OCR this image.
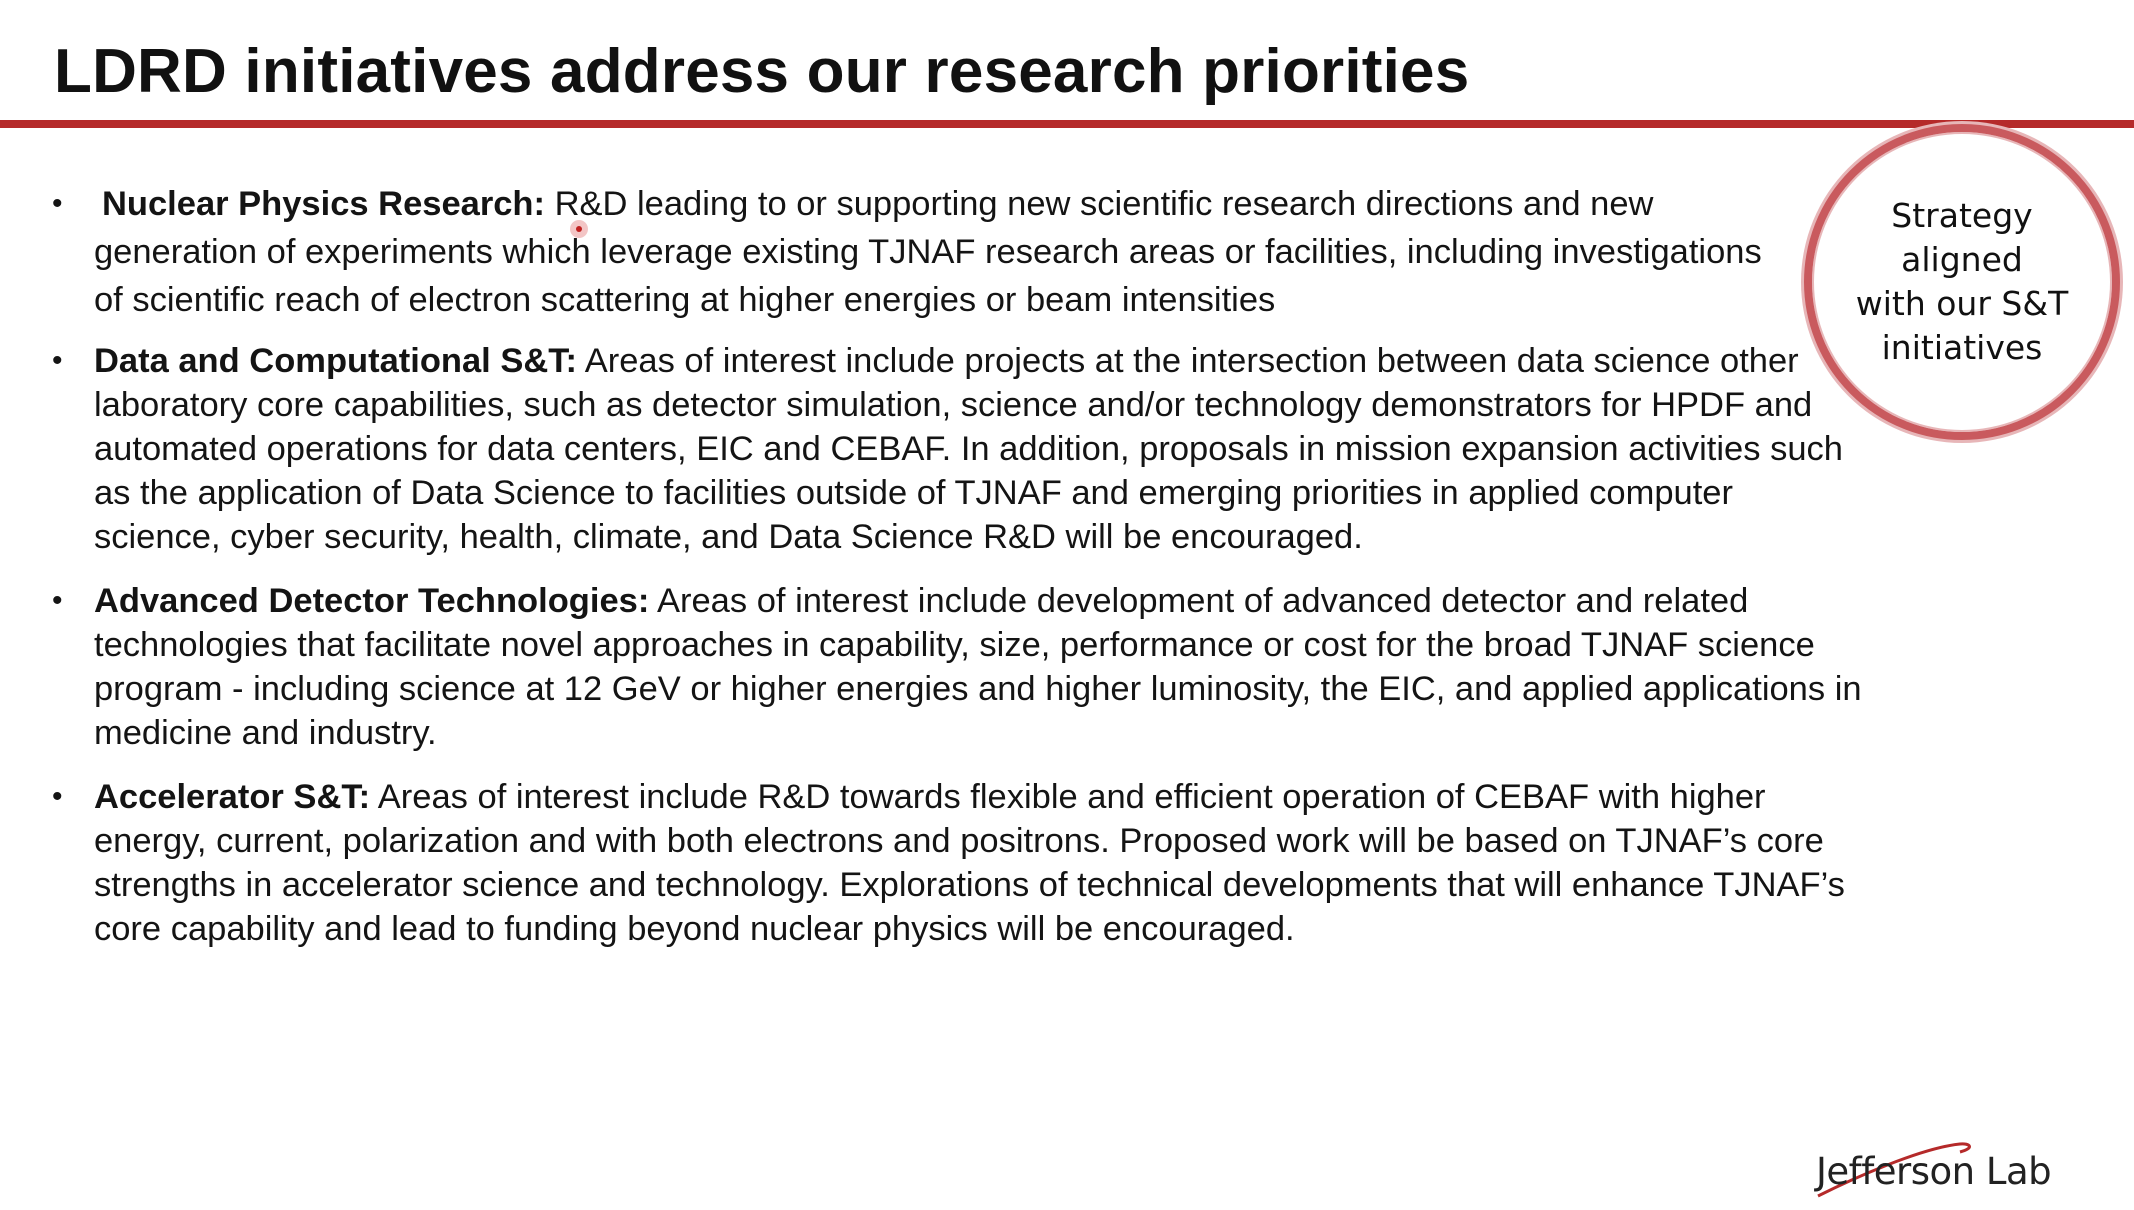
LDRD initiatives address our research priorities
• Nuclear Physics Research: R&D leading to or supporting new scientific research directions and new generation of experiments which leverage existing TJNAF research areas or facilities, including investigations of scientific reach of electron scattering at higher energies or beam intensities
• Data and Computational S&T: Areas of interest include projects at the intersection between data science other laboratory core capabilities, such as detector simulation, science and/or technology demonstrators for HPDF and automated operations for data centers, EIC and CEBAF. In addition, proposals in mission expansion activities such as the application of Data Science to facilities outside of TJNAF and emerging priorities in applied computer science, cyber security, health, climate, and Data Science R&D will be encouraged.
• Advanced Detector Technologies: Areas of interest include development of advanced detector and related technologies that facilitate novel approaches in capability, size, performance or cost for the broad TJNAF science program - including science at 12 GeV or higher energies and higher luminosity, the EIC, and applied applications in medicine and industry.
• Accelerator S&T: Areas of interest include R&D towards flexible and efficient operation of CEBAF with higher energy, current, polarization and with both electrons and positrons. Proposed work will be based on TJNAF’s core strengths in accelerator science and technology. Explorations of technical developments that will enhance TJNAF’s core capability and lead to funding beyond nuclear physics will be encouraged.
Strategy
aligned
with our S&T
initiatives
Jefferson Lab
